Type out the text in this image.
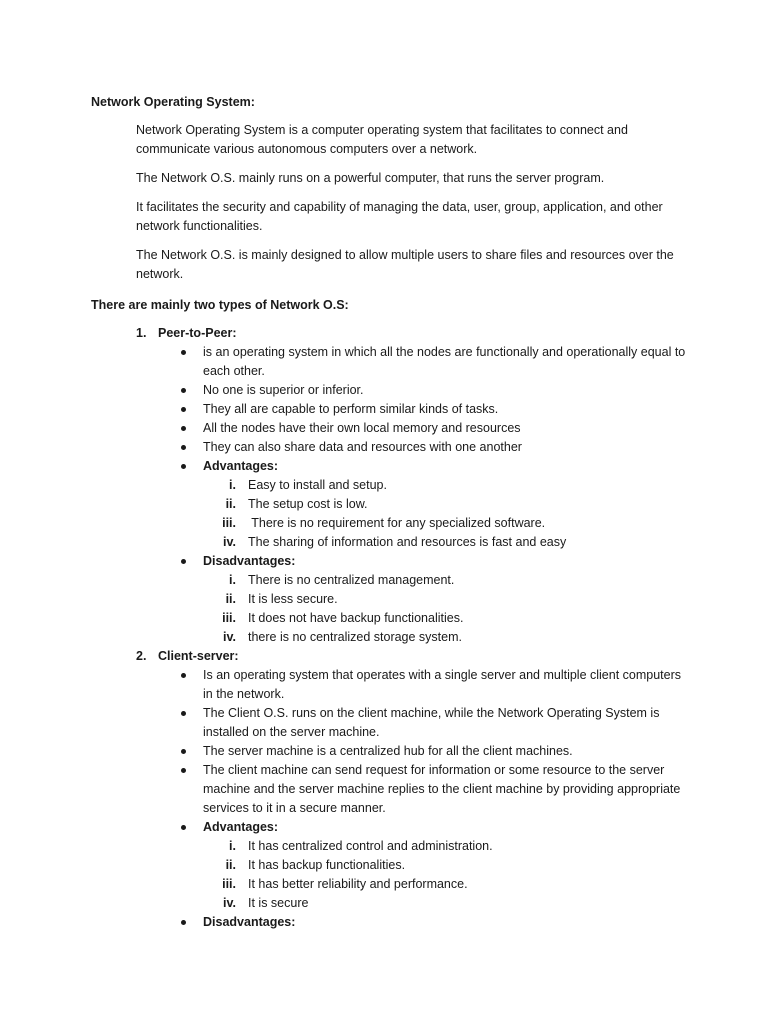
Network Operating System:

Network Operating System is a computer operating system that facilitates to connect and communicate various autonomous computers over a network.

The Network O.S. mainly runs on a powerful computer, that runs the server program.

It facilitates the security and capability of managing the data, user, group, application, and other network functionalities.

The Network O.S. is mainly designed to allow multiple users to share files and resources over the network.

There are mainly two types of Network O.S:
1. Peer-to-Peer:
is an operating system in which all the nodes are functionally and operationally equal to each other.
No one is superior or inferior.
They all are capable to perform similar kinds of tasks.
All the nodes have their own local memory and resources
They can also share data and resources with one another
Advantages:
i. Easy to install and setup.
ii. The setup cost is low.
iii. There is no requirement for any specialized software.
iv. The sharing of information and resources is fast and easy
Disadvantages:
i. There is no centralized management.
ii. It is less secure.
iii. It does not have backup functionalities.
iv. there is no centralized storage system.
2. Client-server:
Is an operating system that operates with a single server and multiple client computers in the network.
The Client O.S. runs on the client machine, while the Network Operating System is installed on the server machine.
The server machine is a centralized hub for all the client machines.
The client machine can send request for information or some resource to the server machine and the server machine replies to the client machine by providing appropriate services to it in a secure manner.
Advantages:
i. It has centralized control and administration.
ii. It has backup functionalities.
iii. It has better reliability and performance.
iv. It is secure
Disadvantages:
